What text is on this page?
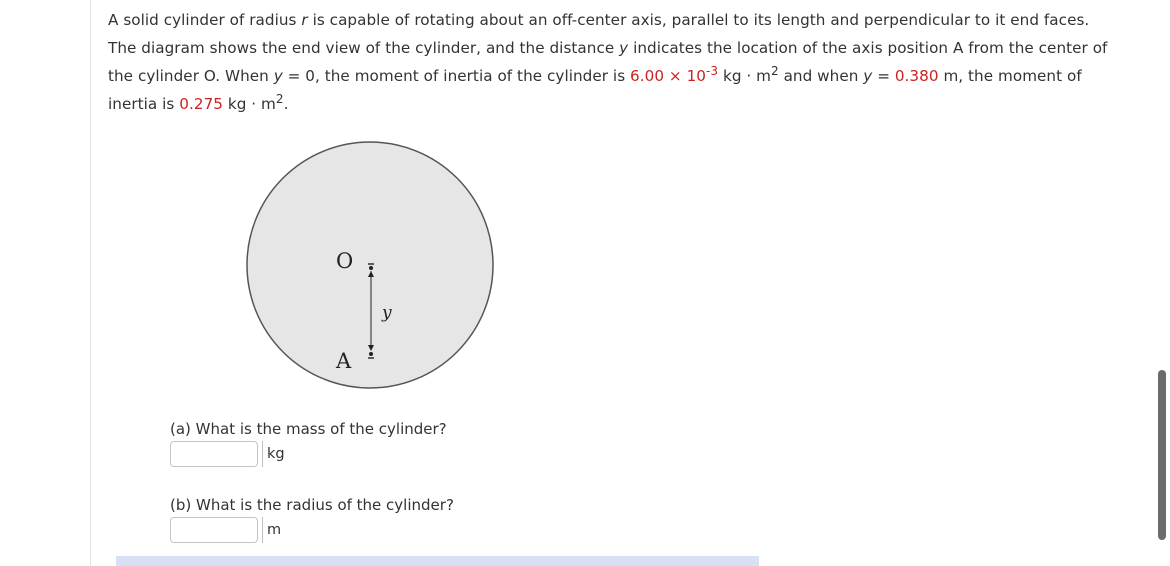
A solid cylinder of radius r is capable of rotating about an off-center axis, parallel to its length and perpendicular to it end faces.
The diagram shows the end view of the cylinder, and the distance y indicates the location of the axis position A from the center of
the cylinder O. When y = 0, the moment of inertia of the cylinder is $6.00 \times 10^{-3}$ kg · $m^2$ and when y = 0.380 m, the moment of
inertia is 0.275 kg · $m^2$.
O
A
y
(a) What is the mass of the cylinder?
kg
(b) What is the radius of the cylinder?
m
